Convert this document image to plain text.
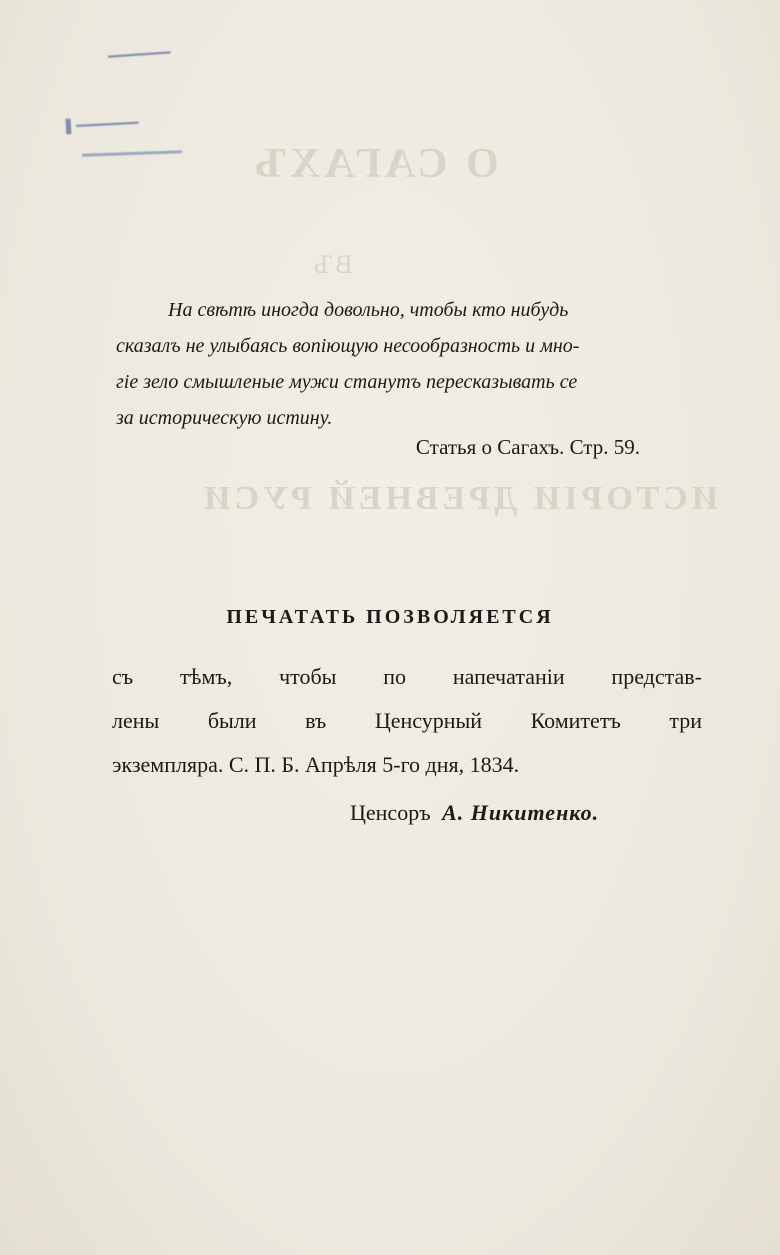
О САГАХЪ
ВЪ
ИСТОРІИ ДРЕВНЕЙ РУСИ
━━━━━━━━
▌━━━━━━━━
На свѣтѣ иногда довольно, чтобы кто нибудь
сказалъ не улыбаясь вопіющую несообразность и мно-
гіе зело смышленые мужи станутъ пересказывать се
за историческую истину.
Статья о Сагахъ. Стр. 59.
ПЕЧАТАТЬ ПОЗВОЛЯЕТСЯ
съ тѣмъ, чтобы по напечатаніи представ-
лены были въ Ценсурный Комитетъ три
экземпляра. С. П. Б. Апрѣля 5-го дня, 1834.
Ценсоръ А. Никитенко.
